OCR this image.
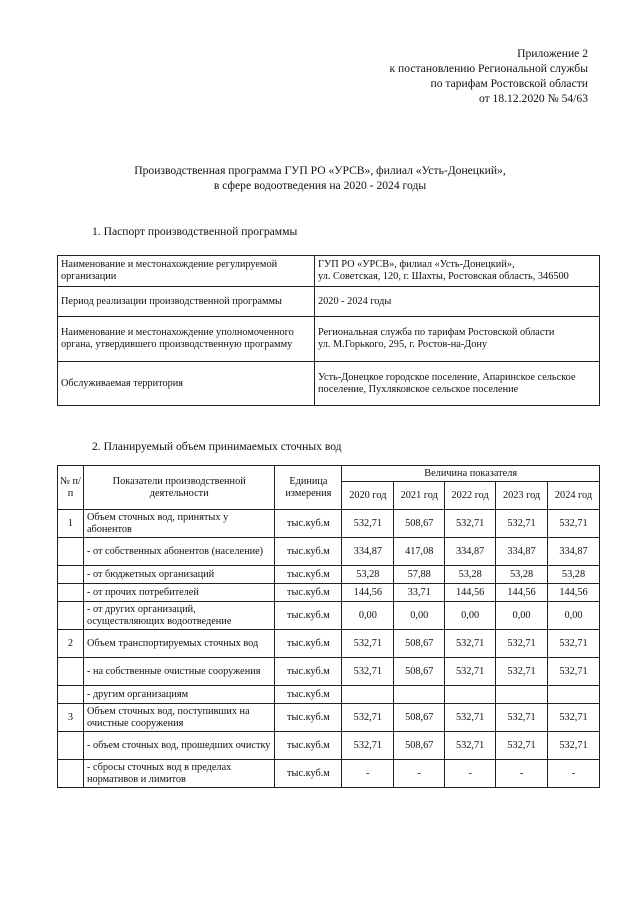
Приложение 2
к постановлению Региональной службы
по тарифам Ростовской области
от 18.12.2020 № 54/63
Производственная программа ГУП РО «УРСВ», филиал «Усть-Донецкий»,
в сфере водоотведения на 2020 - 2024 годы
1. Паспорт производственной программы
Наименование и местонахождение регулируемой организации	ГУП РО «УРСВ», филиал «Усть-Донецкий»,
ул. Советская, 120, г. Шахты, Ростовская область, 346500

Период реализации производственной программы	2020 - 2024 годы

Наименование и местонахождение уполномоченного органа, утвердившего производственную программу	Региональная служба по тарифам Ростовской области
ул. М.Горького, 295, г. Ростов-на-Дону

Обслуживаемая территория	Усть-Донецкое городское поселение, Апаринское сельское поселение, Пухляковское сельское поселение
2. Планируемый объем принимаемых сточных вод
№ п/п	Показатели производственной деятельности	Единица измерения	Величина показателя				
			2020 год	2021 год	2022 год	2023 год	2024 год
1	Объем сточных вод, принятых у абонентов	тыс.куб.м	532,71	508,67	532,71	532,71	532,71
	- от собственных абонентов (население)	тыс.куб.м	334,87	417,08	334,87	334,87	334,87
	- от бюджетных организаций	тыс.куб.м	53,28	57,88	53,28	53,28	53,28
	- от прочих потребителей	тыс.куб.м	144,56	33,71	144,56	144,56	144,56
	- от других организаций, осуществляющих водоотведение	тыс.куб.м	0,00	0,00	0,00	0,00	0,00
2	Объем транспортируемых сточных вод	тыс.куб.м	532,71	508,67	532,71	532,71	532,71
	- на собственные очистные сооружения	тыс.куб.м	532,71	508,67	532,71	532,71	532,71
	- другим организациям	тыс.куб.м					
3	Объем сточных вод, поступивших на очистные сооружения	тыс.куб.м	532,71	508,67	532,71	532,71	532,71
	- объем сточных вод, прошедших очистку	тыс.куб.м	532,71	508,67	532,71	532,71	532,71
	- сбросы сточных вод в пределах нормативов и лимитов	тыс.куб.м	-	-	-	-	-
